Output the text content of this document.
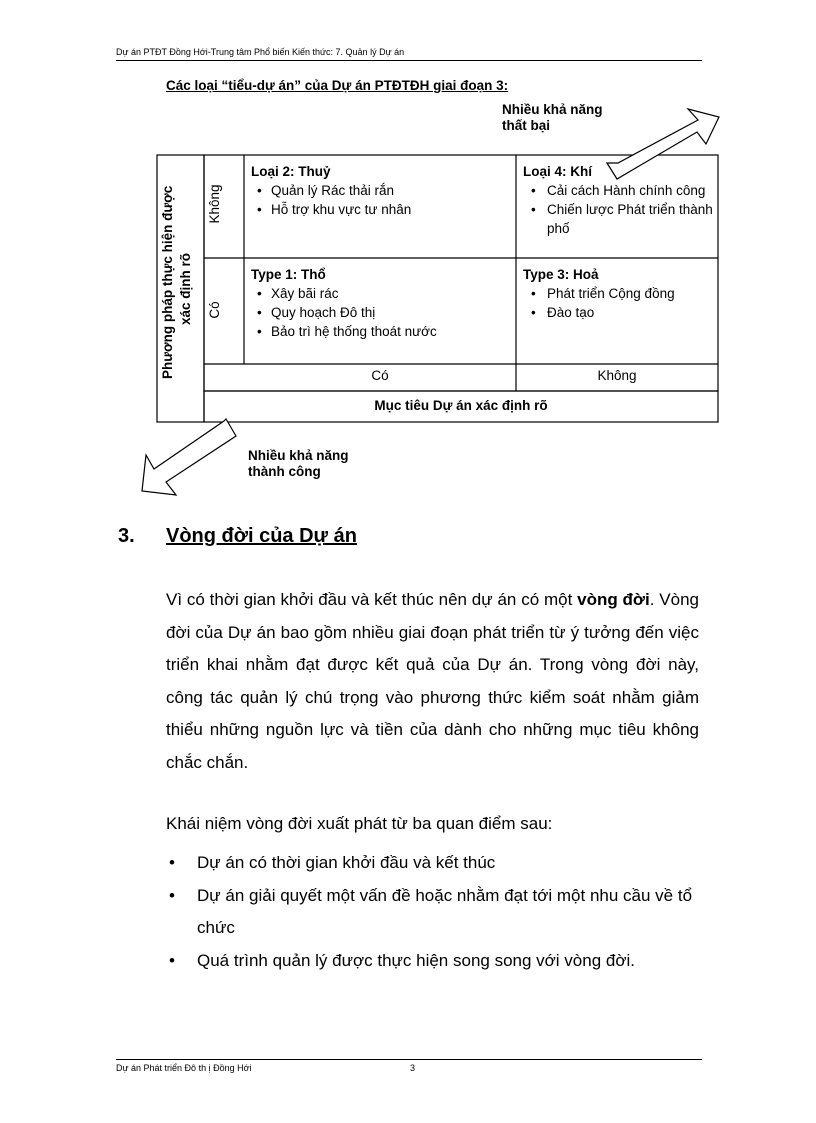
Dự án PTĐT Đồng Hới-Trung tâm Phổ biến Kiến thức: 7. Quản lý Dự án
Các loại “tiểu-dự án” của Dự án PTĐTĐH giai đoạn 3:
Nhiều khả năng
thất bại
Phương pháp thực hiện được xác định rõ
Không
Có
Loại 2: Thuỷ
• Quản lý Rác thải rắn
• Hỗ trợ khu vực tư nhân
Loại 4: Khí
• Cải cách Hành chính công
• Chiến lược Phát triển thành phố
Type 1: Thổ
• Xây bãi rác
• Quy hoạch Đô thị
• Bảo trì hệ thống thoát nước
Type 3: Hoả
• Phát triển Cộng đồng
• Đào tạo
Có	Không
Mục tiêu Dự án xác định rõ
Nhiều khả năng
thành công
3. Vòng đời của Dự án
Vì có thời gian khởi đầu và kết thúc nên dự án có một vòng đời. Vòng đời của Dự án bao gồm nhiều giai đoạn phát triển từ ý tưởng đến việc triển khai nhằm đạt được kết quả của Dự án. Trong vòng đời này, công tác quản lý chú trọng vào phương thức kiểm soát nhằm giảm thiểu những nguồn lực và tiền của dành cho những mục tiêu không chắc chắn.
Khái niệm vòng đời xuất phát từ ba quan điểm sau:
• Dự án có thời gian khởi đầu và kết thúc
• Dự án giải quyết một vấn đề hoặc nhằm đạt tới một nhu cầu về tổ chức
• Quá trình quản lý được thực hiện song song với vòng đời.
Dự án Phát triển Đô th ị Đồng Hới	3
